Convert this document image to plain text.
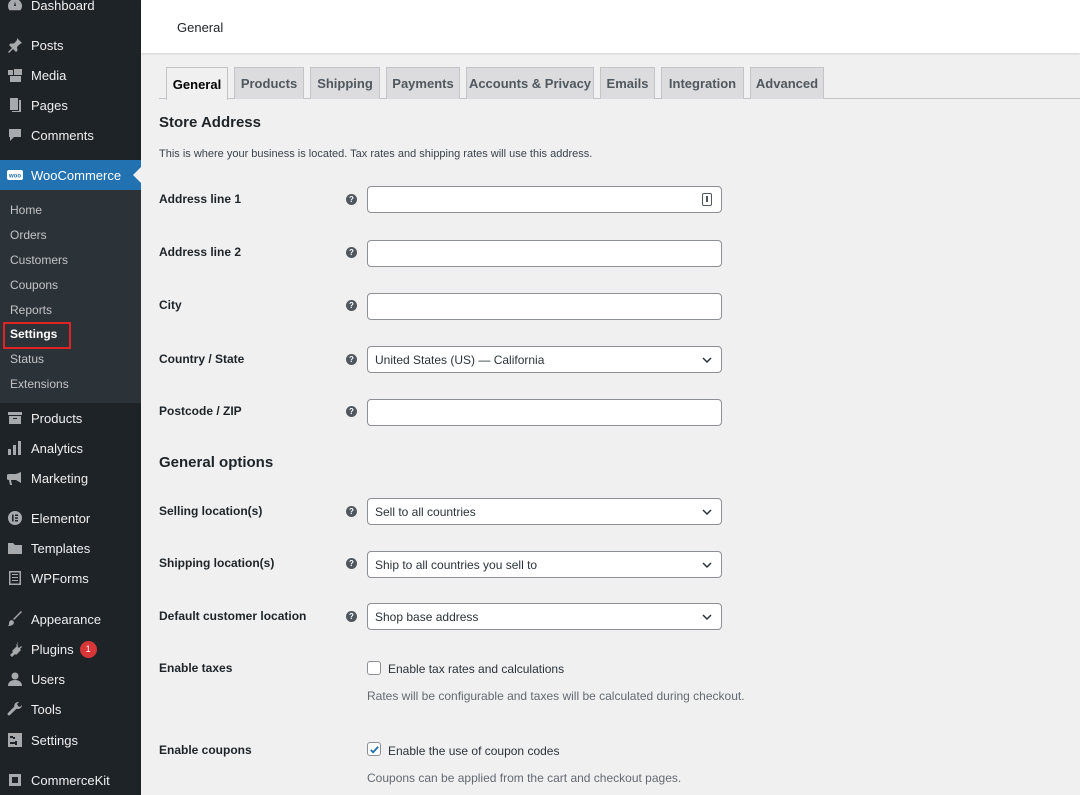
Dashboard
Posts
Media
Pages
Comments
woo WooCommerce
Home
Orders
Customers
Coupons
Reports
Settings
Status
Extensions
Products
Analytics
Marketing
Elementor
Templates
WPForms
Appearance
Plugins	1
Users
Tools
Settings
CommerceKit
General
General	Products	Shipping	Payments	Accounts & Privacy	Emails	Integration	Advanced
Store Address
This is where your business is located. Tax rates and shipping rates will use this address.
Address line 1	?
Address line 2	?
City	?
Country / State	? United States (US) — California
Postcode / ZIP	?
General options
Selling location(s)	? Sell to all countries
Shipping location(s)	? Ship to all countries you sell to
Default customer location	? Shop base address
Enable taxes	Enable tax rates and calculations
Rates will be configurable and taxes will be calculated during checkout.
Enable coupons	Enable the use of coupon codes
Coupons can be applied from the cart and checkout pages.
